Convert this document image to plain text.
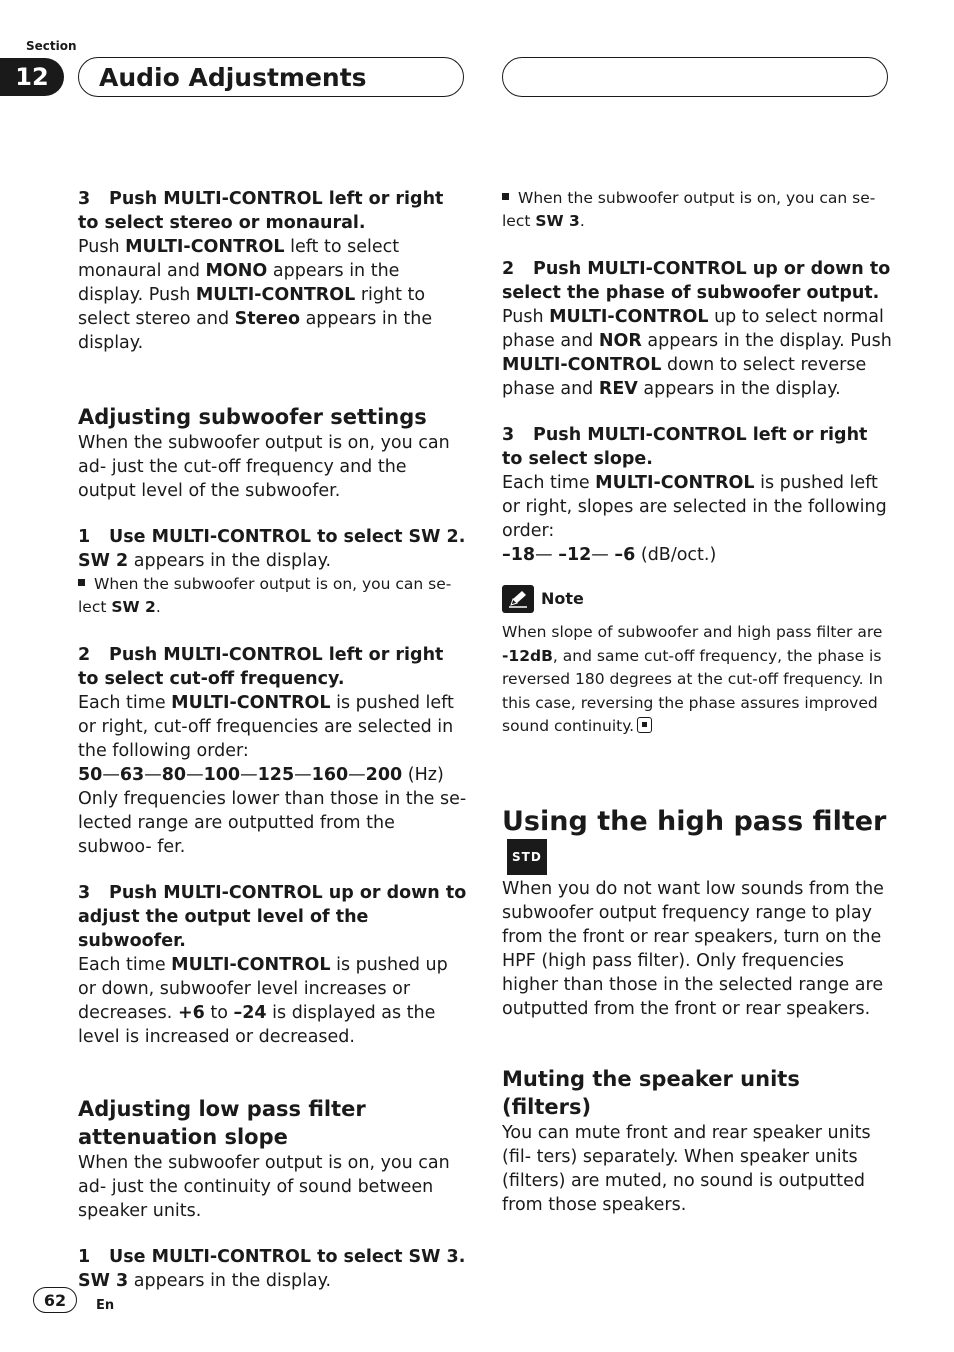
Section
12	Audio Adjustments

3 Push MULTI-CONTROL left or right to select stereo or monaural.

Push MULTI-CONTROL left to select monaural and MONO appears in the display. Push MULTI-CONTROL right to select stereo and Stereo appears in the display.

Adjusting subwoofer settings

When the subwoofer output is on, you can ad- just the cut-off frequency and the output level of the subwoofer.

1 Use MULTI-CONTROL to select SW 2.

SW 2 appears in the display.

When the subwoofer output is on, you can se- lect SW 2.

2 Push MULTI-CONTROL left or right to select cut-off frequency.

Each time MULTI-CONTROL is pushed left or right, cut-off frequencies are selected in the following order:

50—63—80—100—125—160—200 (Hz)

Only frequencies lower than those in the se- lected range are outputted from the subwoo- fer.

3 Push MULTI-CONTROL up or down to adjust the output level of the subwoofer.

Each time MULTI-CONTROL is pushed up or down, subwoofer level increases or decreases. +6 to –24 is displayed as the level is increased or decreased.

Adjusting low pass filter attenuation slope

When the subwoofer output is on, you can ad- just the continuity of sound between speaker units.

1 Use MULTI-CONTROL to select SW 3.

SW 3 appears in the display.

When the subwoofer output is on, you can se- lect SW 3.

2 Push MULTI-CONTROL up or down to select the phase of subwoofer output.

Push MULTI-CONTROL up to select normal phase and NOR appears in the display. Push MULTI-CONTROL down to select reverse phase and REV appears in the display.

3 Push MULTI-CONTROL left or right to select slope.

Each time MULTI-CONTROL is pushed left or right, slopes are selected in the following order:

–18— –12— –6 (dB/oct.)

Note

When slope of subwoofer and high pass filter are -12dB, and same cut-off frequency, the phase is reversed 180 degrees at the cut-off frequency. In this case, reversing the phase assures improved sound continuity.

Using the high pass filterSTD

When you do not want low sounds from the subwoofer output frequency range to play from the front or rear speakers, turn on the HPF (high pass filter). Only frequencies higher than those in the selected range are outputted from the front or rear speakers.

Muting the speaker units (filters)

You can mute front and rear speaker units (fil- ters) separately. When speaker units (filters) are muted, no sound is outputted from those speakers.

62	En
